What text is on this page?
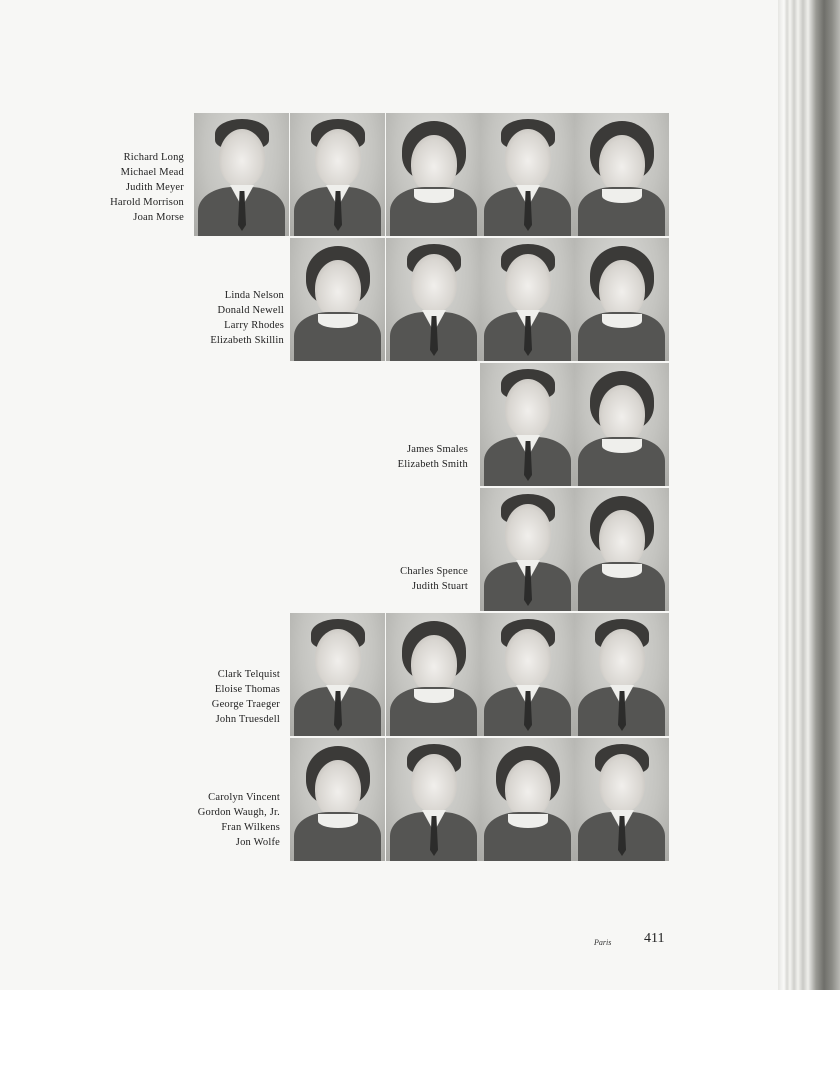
Richard Long
Michael Mead
Judith Meyer
Harold Morrison
Joan Morse
Linda Nelson
Donald Newell
Larry Rhodes
Elizabeth Skillin
James Smales
Elizabeth Smith
Charles Spence
Judith Stuart
Clark Telquist
Eloise Thomas
George Traeger
John Truesdell
Carolyn Vincent
Gordon Waugh, Jr.
Fran Wilkens
Jon Wolfe
Paris 411
